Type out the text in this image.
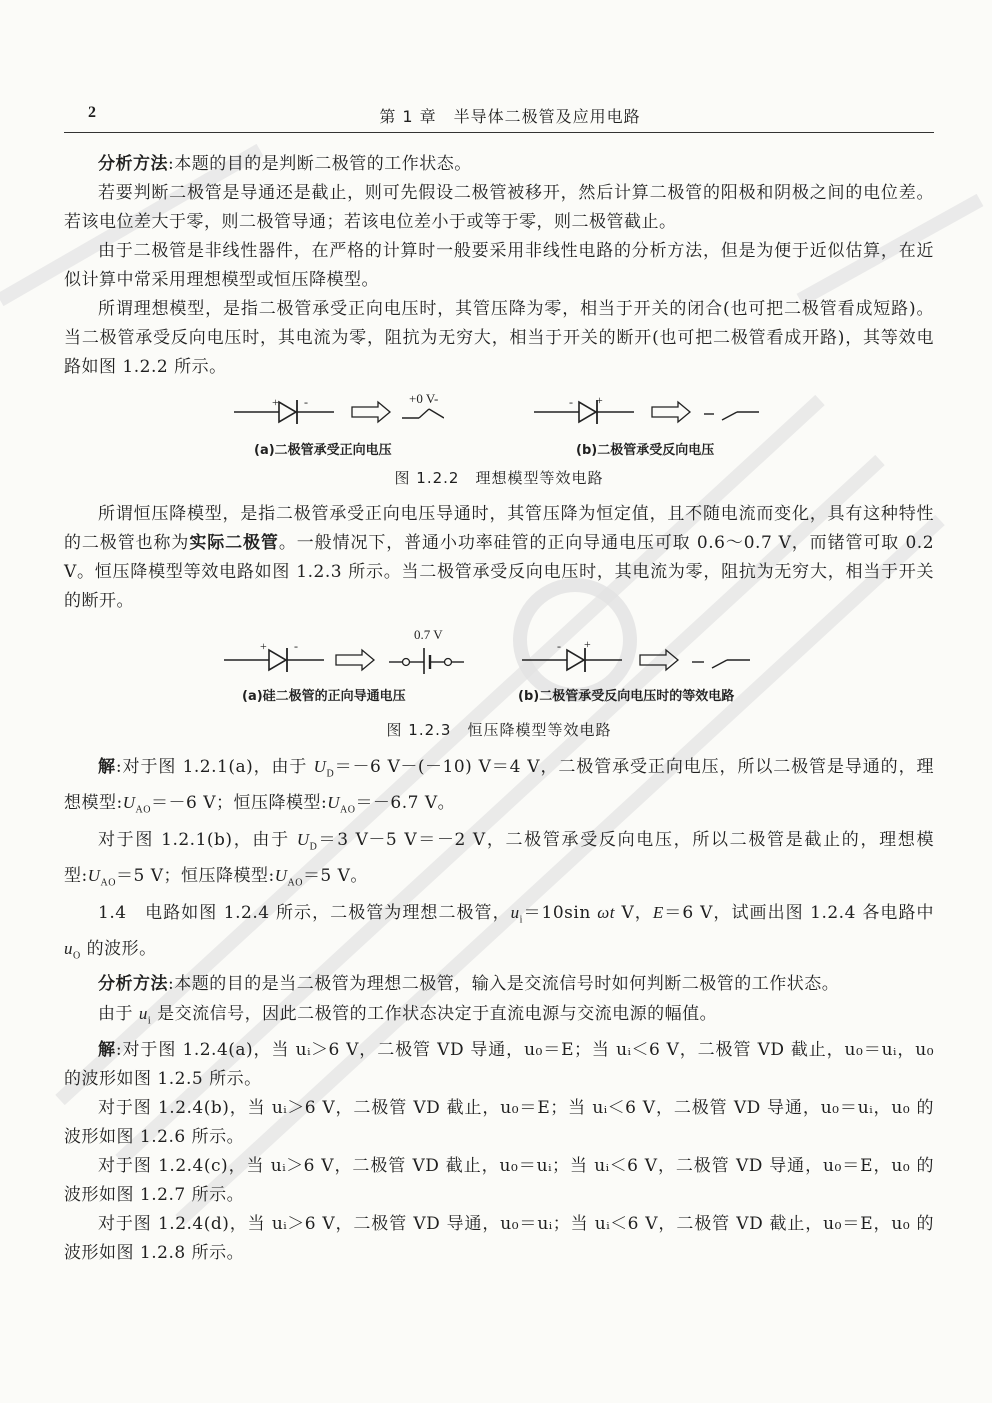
2	第 1 章　半导体二极管及应用电路

分析方法:本题的目的是判断二极管的工作状态。

若要判断二极管是导通还是截止，则可先假设二极管被移开，然后计算二极管的阳极和阴极之间的电位差。若该电位差大于零，则二极管导通；若该电位差小于或等于零，则二极管截止。

由于二极管是非线性器件，在严格的计算时一般要采用非线性电路的分析方法，但是为便于近似估算，在近似计算中常采用理想模型或恒压降模型。

所谓理想模型，是指二极管承受正向电压时，其管压降为零，相当于开关的闭合(也可把二极管看成短路)。当二极管承受反向电压时，其电流为零，阻抗为无穷大，相当于开关的断开(也可把二极管看成开路)，其等效电路如图 1.2.2 所示。

+ -	+0 V-	- +
(a)二极管承受正向电压	(b)二极管承受反向电压
图 1.2.2　理想模型等效电路

所谓恒压降模型，是指二极管承受正向电压导通时，其管压降为恒定值，且不随电流而变化，具有这种特性的二极管也称为实际二极管。一般情况下，普通小功率硅管的正向导通电压可取 0.6～0.7 V，而锗管可取 0.2 V。恒压降模型等效电路如图 1.2.3 所示。当二极管承受反向电压时，其电流为零，阻抗为无穷大，相当于开关的断开。

+ -
0.7 V
- +
(a)硅二极管的正向导通电压	(b)二极管承受反向电压时的等效电路
图 1.2.3　恒压降模型等效电路

解:对于图 1.2.1(a)，由于 $U_D=-6$ V－(－10) V＝4 V，二极管承受正向电压，所以二极管是导通的，理想模型$:U_{AO}=-6$ V；恒压降模型$:U_{AO}=-6.7$ V。

对于图 1.2.1(b)，由于 $U_D=3$ V－5 V＝－2 V，二极管承受反向电压，所以二极管是截止的，理想模型$:U_{AO}=5$ V；恒压降模型$:U_{AO}=5$ V。

1.4　电路如图 1.2.4 所示，二极管为理想二极管，$u_i=10\sin$ ωt V，E＝6 V，试画出图 1.2.4 各电路中 $u_O$ 的波形。

分析方法:本题的目的是当二极管为理想二极管，输入是交流信号时如何判断二极管的工作状态。

由于 $u_i$ 是交流信号，因此二极管的工作状态决定于直流电源与交流电源的幅值。

解:对于图 1.2.4(a)，当 uᵢ＞6 V，二极管 VD 导通，u₀＝E；当 uᵢ＜6 V，二极管 VD 截止，u₀＝uᵢ，u₀ 的波形如图 1.2.5 所示。

对于图 1.2.4(b)，当 uᵢ＞6 V，二极管 VD 截止，u₀＝E；当 uᵢ＜6 V，二极管 VD 导通，u₀＝uᵢ，u₀ 的波形如图 1.2.6 所示。

对于图 1.2.4(c)，当 uᵢ＞6 V，二极管 VD 截止，u₀＝uᵢ；当 uᵢ＜6 V，二极管 VD 导通，u₀＝E，u₀ 的波形如图 1.2.7 所示。

对于图 1.2.4(d)，当 uᵢ＞6 V，二极管 VD 导通，u₀＝uᵢ；当 uᵢ＜6 V，二极管 VD 截止，u₀＝E，u₀ 的波形如图 1.2.8 所示。
